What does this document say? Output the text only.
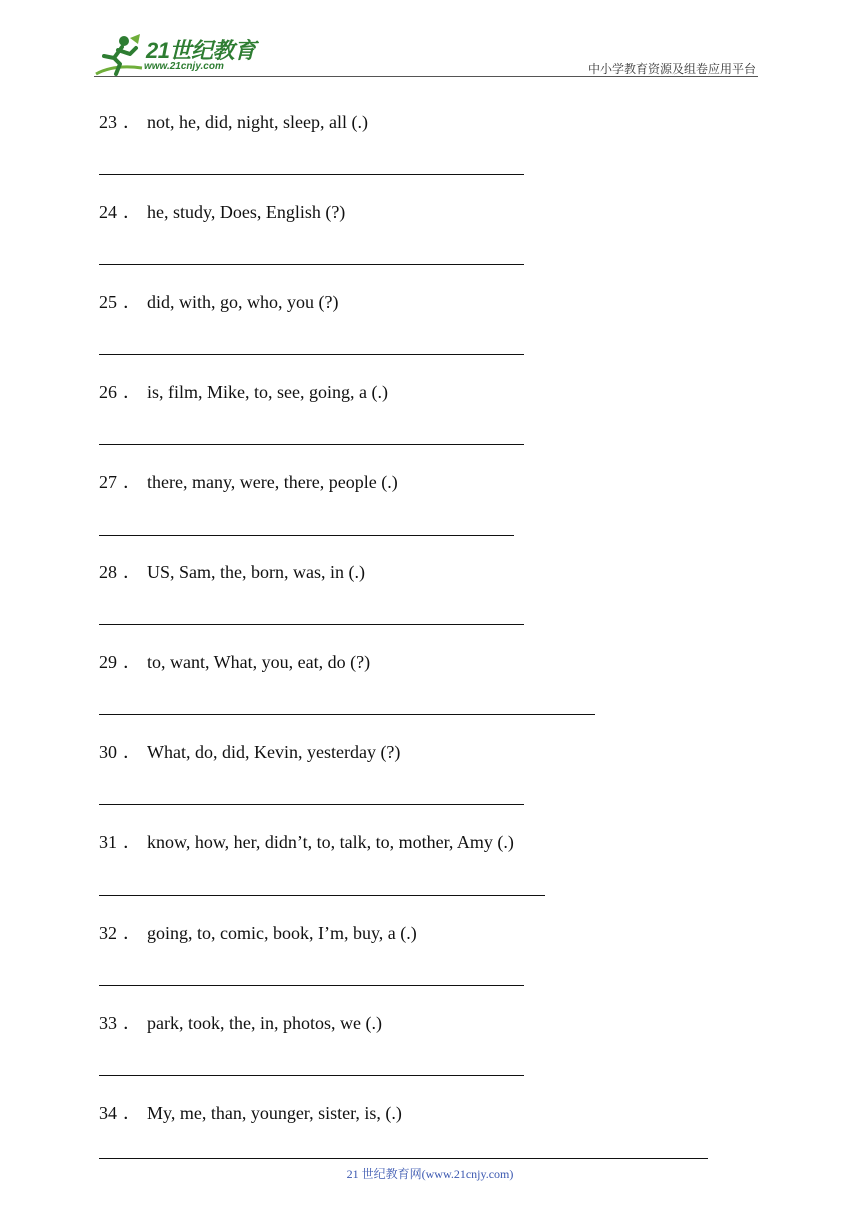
21世纪教育
www.21cnjy.com	中小学教育资源及组卷应用平台
23 ． not, he, did, night, sleep, all (.)
24 ． he, study, Does, English (?)
25 ． did, with, go, who, you (?)
26 ． is, film, Mike, to, see, going, a (.)
27 ． there, many, were, there, people (.)
28 ． US, Sam, the, born, was, in (.)
29 ． to, want, What, you, eat, do (?)
30 ． What, do, did, Kevin, yesterday (?)
31 ． know, how, her, didn’t, to, talk, to, mother, Amy (.)
32 ． going, to, comic, book, I’m, buy, a (.)
33 ． park, took, the, in, photos, we (.)
34 ． My, me, than, younger, sister, is, (.)
21 世纪教育网(www.21cnjy.com)
